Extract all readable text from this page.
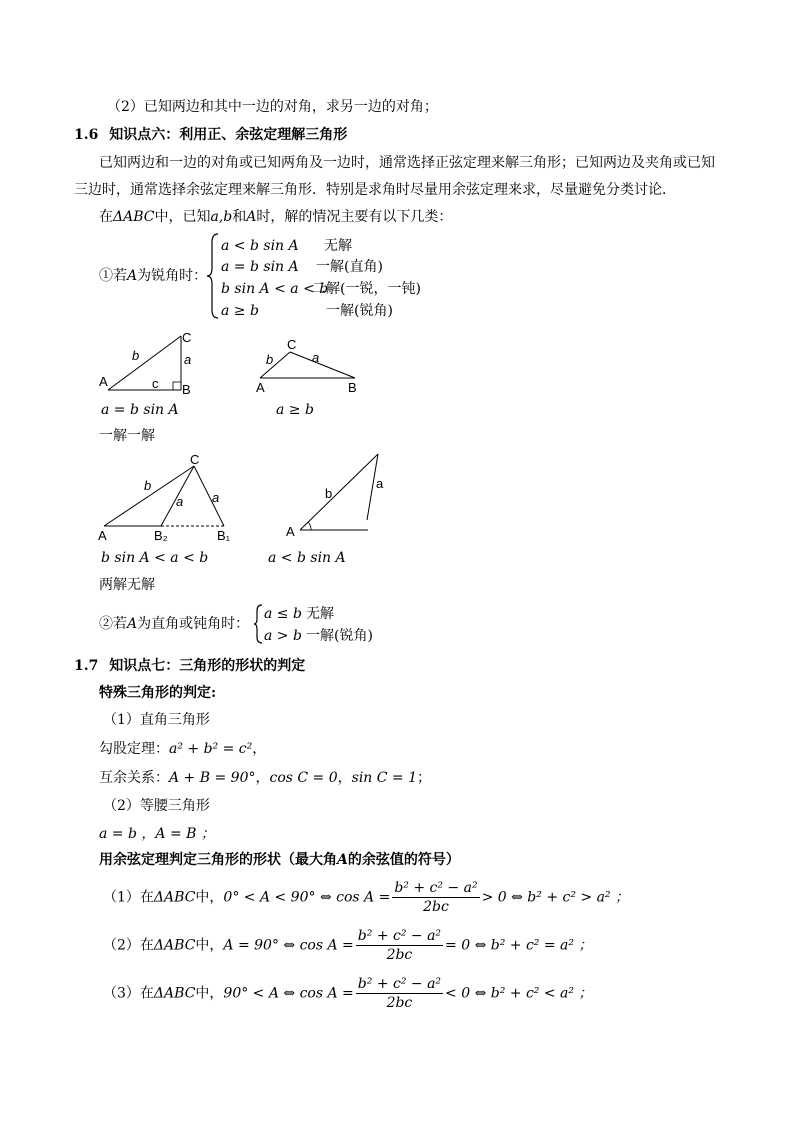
（2）已知两边和其中一边的对角，求另一边的对角；
1.6 知识点六：利用正、余弦定理解三角形
已知两边和一边的对角或已知两角及一边时，通常选择正弦定理来解三角形；已知两边及夹角或已知
三边时，通常选择余弦定理来解三角形．特别是求角时尽量用余弦定理来求，尽量避免分类讨论．
在ΔABC中，已知a,b和A时，解的情况主要有以下几类：
①若A为锐角时：
a < b sin A 无解
a = b sin A 一解(直角)
b sin A < a < b
二解(一锐，一钝)
a ≥ b	一解(锐角)
A
B
C
b	a
c
a = b sin A
A	B
C
b	a
a ≥ b
一解一解
A	B₂	B₁
C
b
a a
b sin A < a < b
A
b
a
a < b sin A
两解无解
②若A为直角或钝角时：
a ≤ b 无解
a > b 一解(锐角)
1.7 知识点七：三角形的形状的判定
特殊三角形的判定:
（1）直角三角形
勾股定理：a² + b² = c²，
互余关系：A + B = 90°，cos C = 0，sin C = 1；
（2）等腰三角形
a = b ，A = B ；
用余弦定理判定三角形的形状（最大角A的余弦值的符号）
（1）在ΔABC中，0° < A < 90° ⇔ $\cos A = \frac{\text{b² + c² − a²}}{2bc} > 0$ ⇔ b² + c² > a² ；
（2）在ΔABC中，A = 90° ⇔ $\cos A = \frac{\text{b² + c² − a²}}{2bc} = 0$ ⇔ b² + c² = a² ；
（3）在ΔABC中，90° < A ⇔ $\cos A = \frac{\text{b² + c² − a²}}{2bc} < 0$ ⇔ b² + c² < a² ；
